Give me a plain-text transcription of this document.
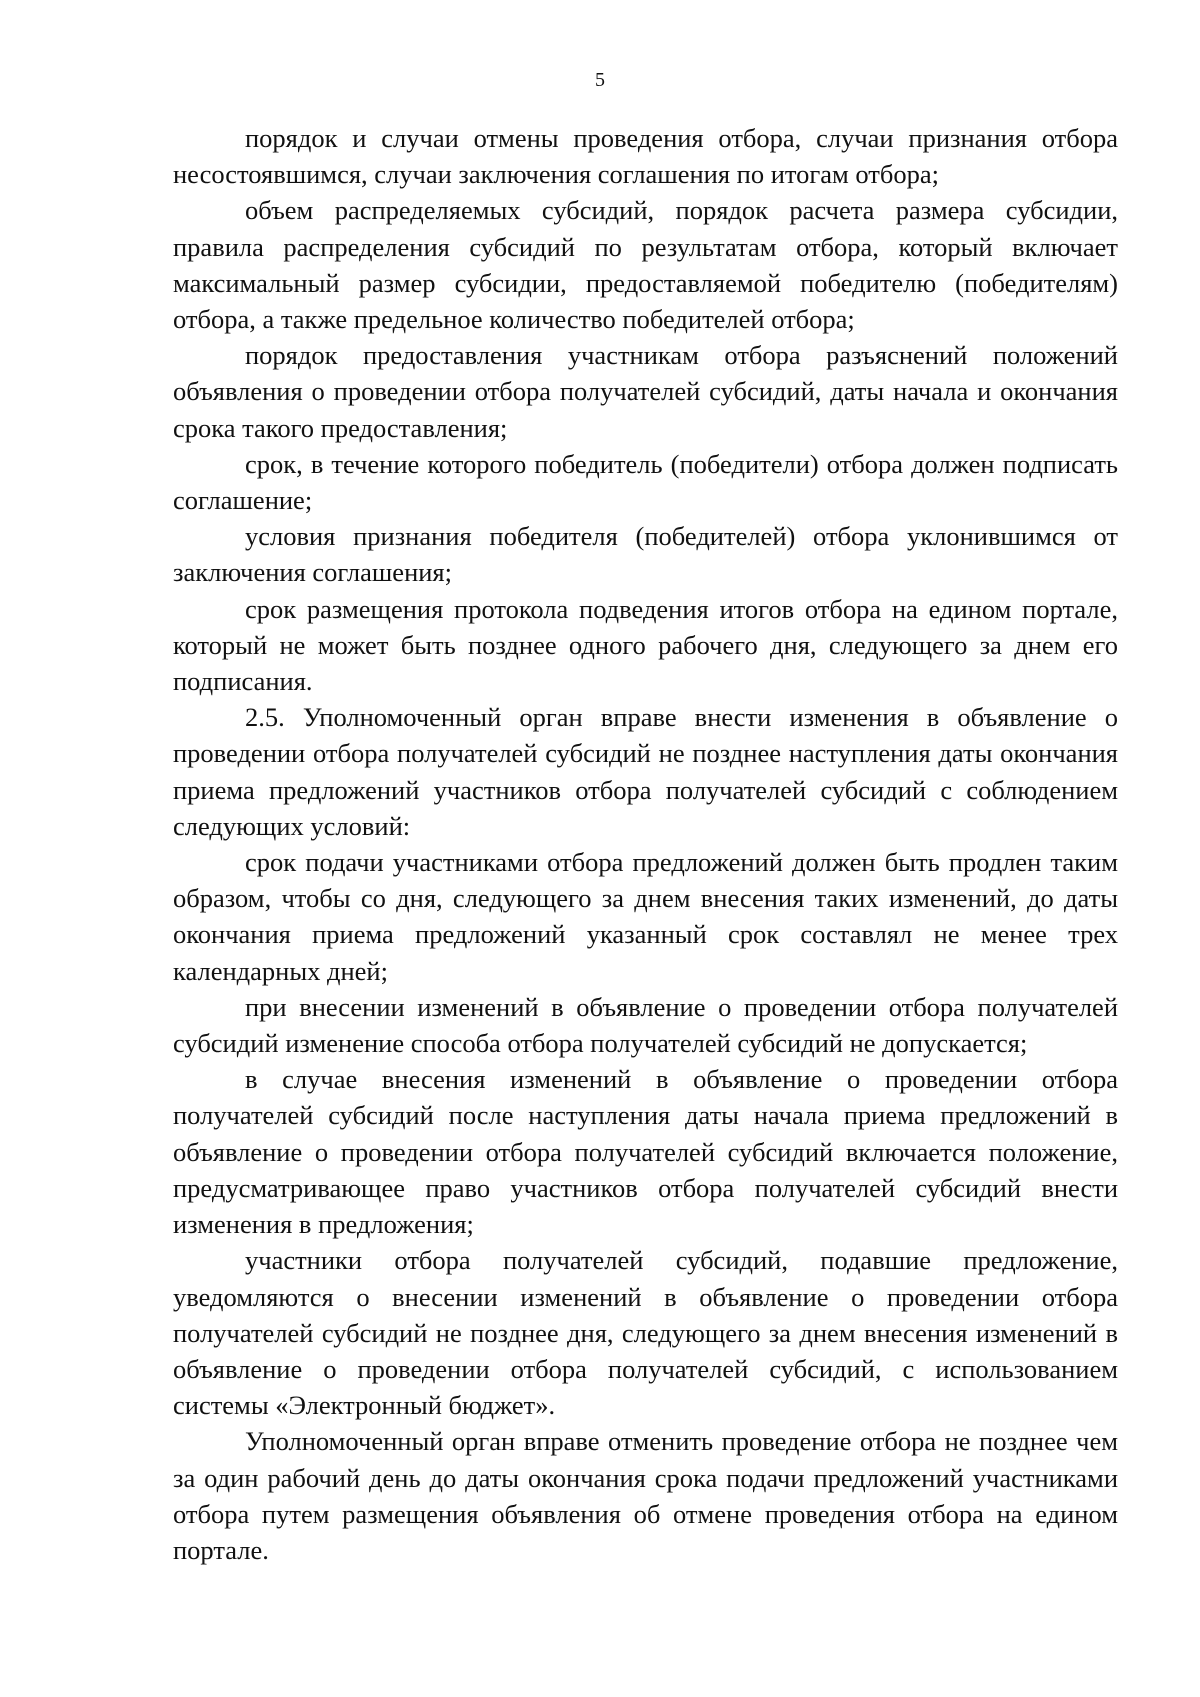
5

порядок и случаи отмены проведения отбора, случаи признания отбора несостоявшимся, случаи заключения соглашения по итогам отбора;

объем распределяемых субсидий, порядок расчета размера субсидии, правила распределения субсидий по результатам отбора, который включает максимальный размер субсидии, предоставляемой победителю (победителям) отбора, а также предельное количество победителей отбора;

порядок предоставления участникам отбора разъяснений положений объявления о проведении отбора получателей субсидий, даты начала и окончания срока такого предоставления;

срок, в течение которого победитель (победители) отбора должен подписать соглашение;

условия признания победителя (победителей) отбора уклонившимся от заключения соглашения;

срок размещения протокола подведения итогов отбора на едином портале, который не может быть позднее одного рабочего дня, следующего за днем его подписания.

2.5. Уполномоченный орган вправе внести изменения в объявление о проведении отбора получателей субсидий не позднее наступления даты окончания приема предложений участников отбора получателей субсидий с соблюдением следующих условий:

срок подачи участниками отбора предложений должен быть продлен таким образом, чтобы со дня, следующего за днем внесения таких изменений, до даты окончания приема предложений указанный срок составлял не менее трех календарных дней;

при внесении изменений в объявление о проведении отбора получателей субсидий изменение способа отбора получателей субсидий не допускается;

в случае внесения изменений в объявление о проведении отбора получателей субсидий после наступления даты начала приема предложений в объявление о проведении отбора получателей субсидий включается положение, предусматривающее право участников отбора получателей субсидий внести изменения в предложения;

участники отбора получателей субсидий, подавшие предложение, уведомляются о внесении изменений в объявление о проведении отбора получателей субсидий не позднее дня, следующего за днем внесения изменений в объявление о проведении отбора получателей субсидий, с использованием системы «Электронный бюджет».

Уполномоченный орган вправе отменить проведение отбора не позднее чем за один рабочий день до даты окончания срока подачи предложений участниками отбора путем размещения объявления об отмене проведения отбора на едином портале.
